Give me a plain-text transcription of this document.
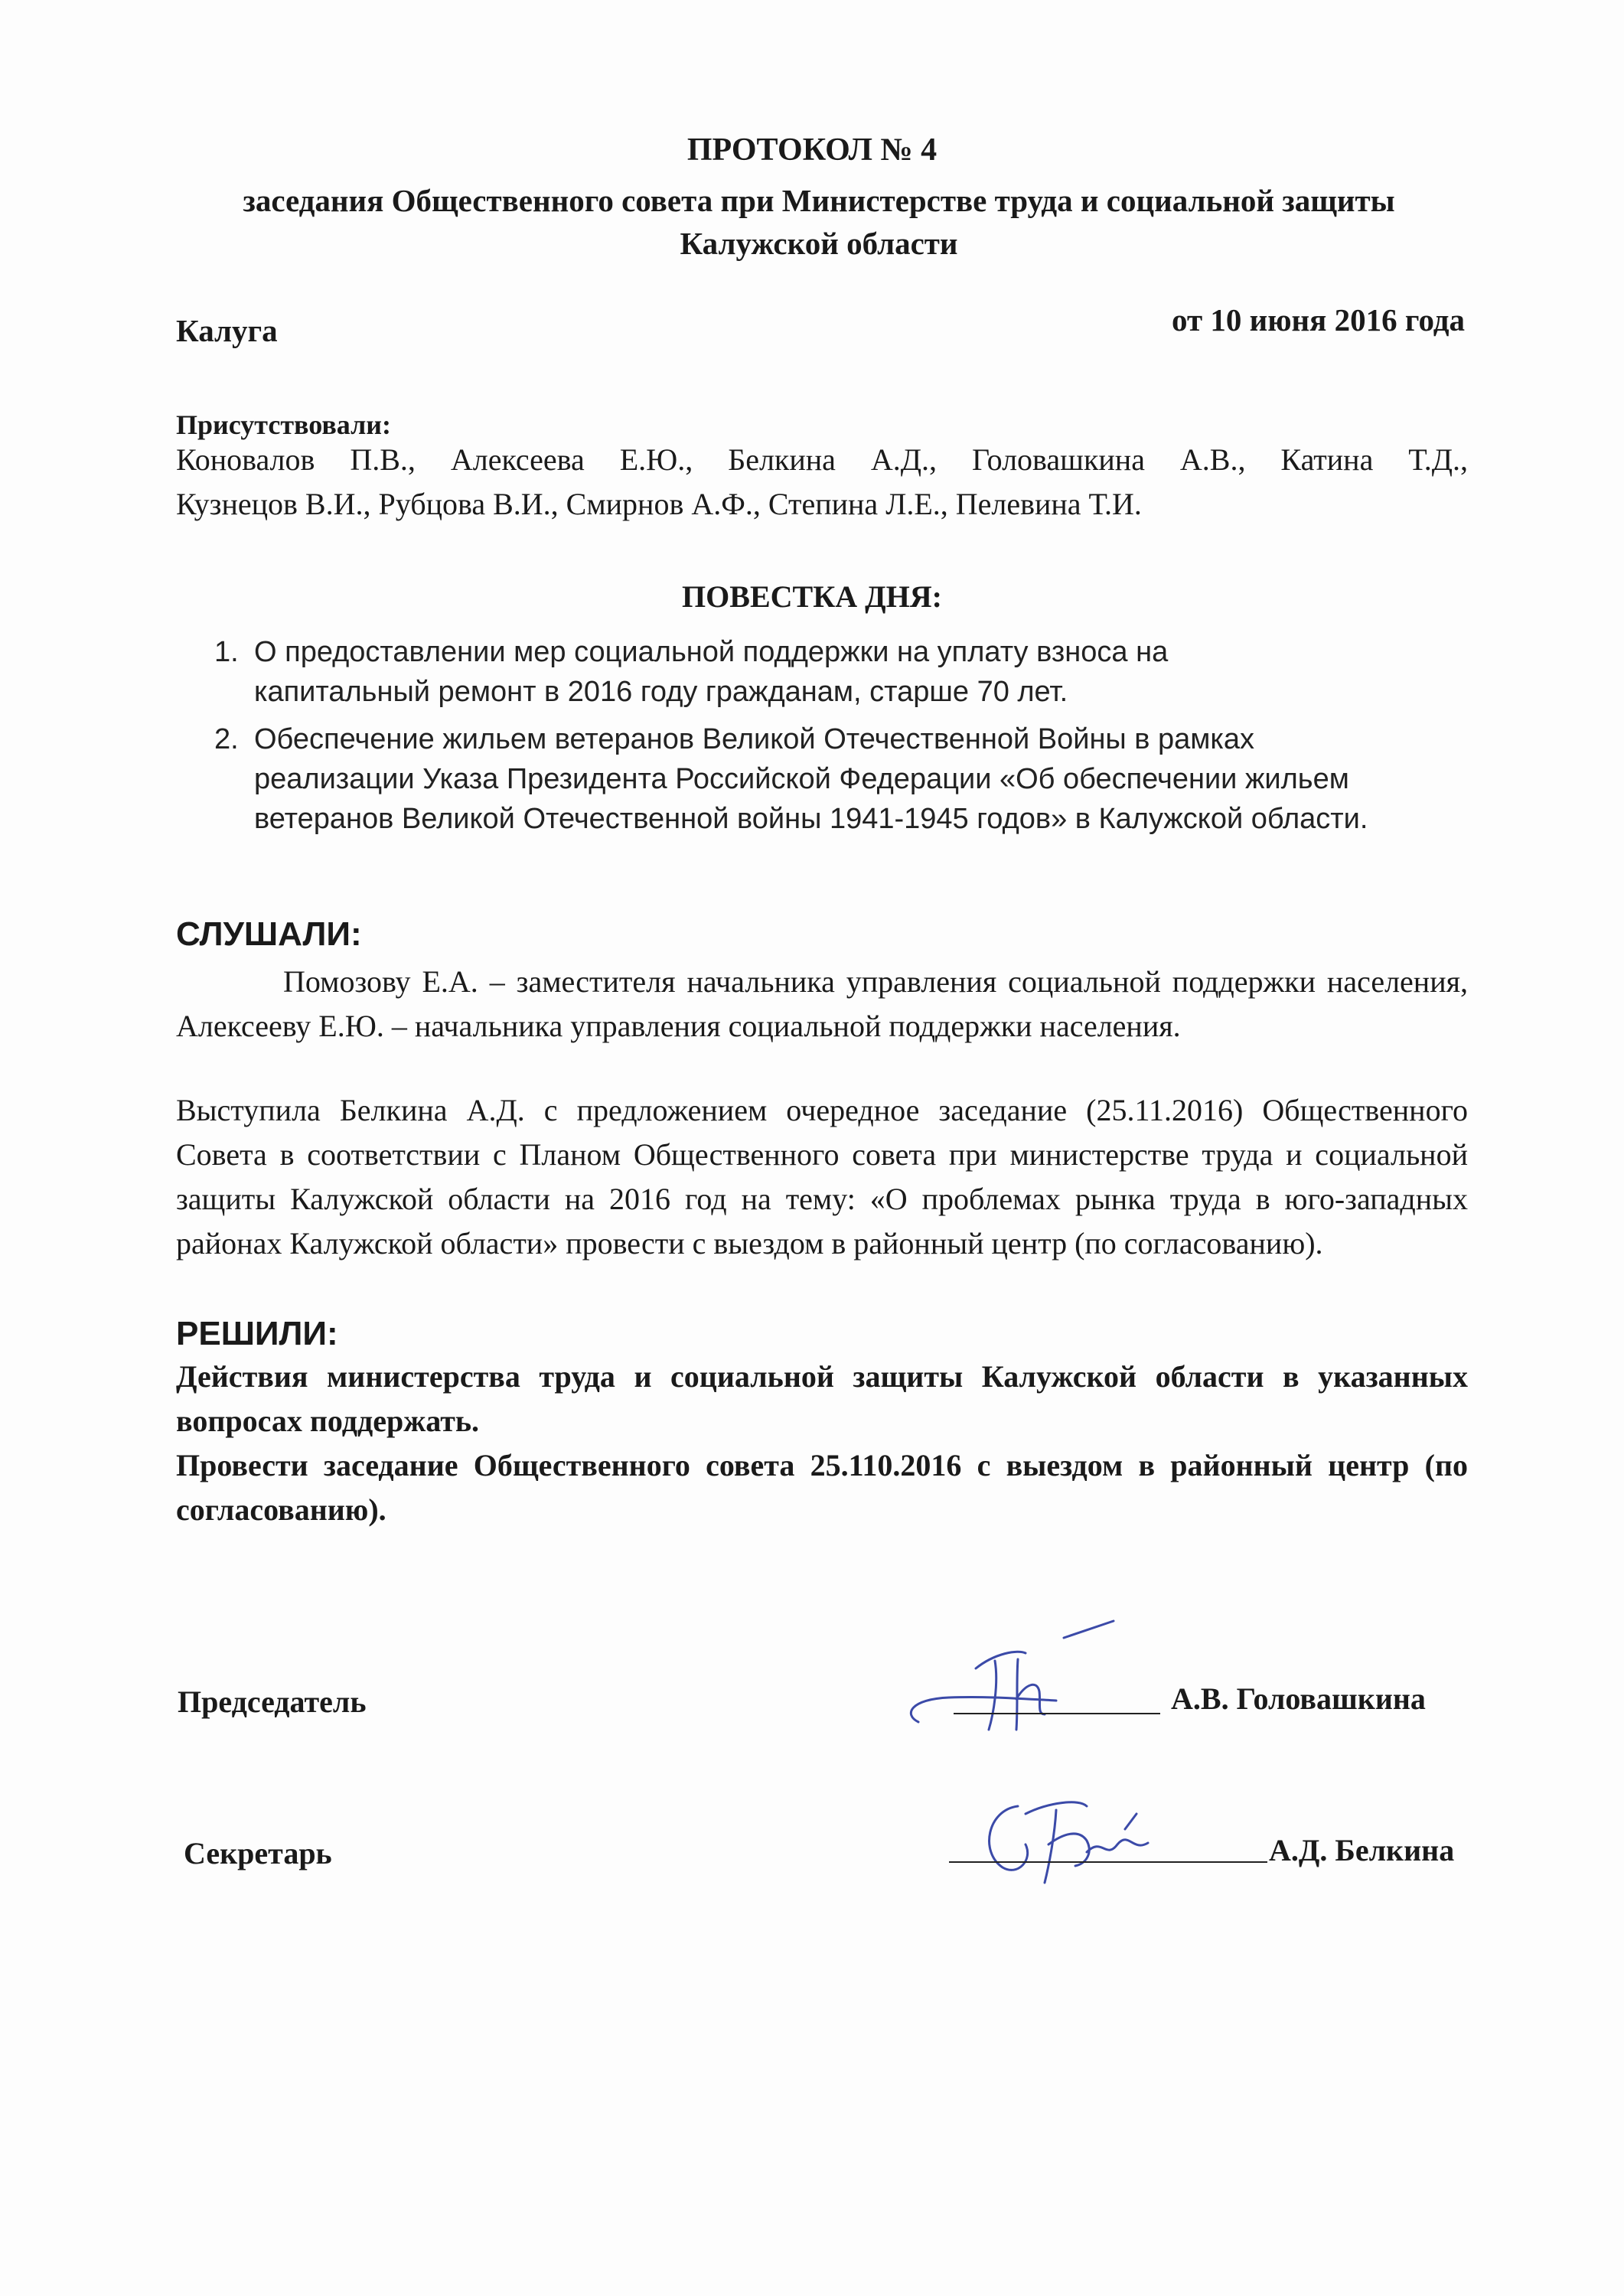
ПРОТОКОЛ № 4
заседания Общественного совета при Министерстве труда и социальной защиты
Калужской области
Калуга	от 10 июня 2016 года
Присутствовали:
Коновалов П.В., Алексеева Е.Ю., Белкина А.Д., Головашкина А.В., Катина Т.Д.,
Кузнецов В.И., Рубцова В.И., Смирнов А.Ф., Степина Л.Е., Пелевина Т.И.
ПОВЕСТКА ДНЯ:
1. О предоставлении мер социальной поддержки на уплату взноса на
капитальный ремонт в 2016 году гражданам, старше 70 лет.
2. Обеспечение жильем ветеранов Великой Отечественной Войны в рамках
реализации Указа Президента Российской Федерации «Об обеспечении жильем
ветеранов Великой Отечественной войны 1941-1945 годов» в Калужской области.
СЛУШАЛИ:
Помозову Е.А. – заместителя начальника управления социальной поддержки населения, Алексееву Е.Ю. – начальника управления социальной поддержки населения.
Выступила Белкина А.Д. с предложением очередное заседание (25.11.2016) Общественного Совета в соответствии с Планом Общественного совета при министерстве труда и социальной защиты Калужской области на 2016 год на тему: «О проблемах рынка труда в юго-западных районах Калужской области» провести с выездом в районный центр (по согласованию).
РЕШИЛИ:

Действия министерства труда и социальной защиты Калужской области в указанных вопросах поддержать.

Провести заседание Общественного совета 25.110.2016 с выездом в районный центр (по согласованию).

Председатель	А.В. Головашкина
Секретарь	А.Д. Белкина
